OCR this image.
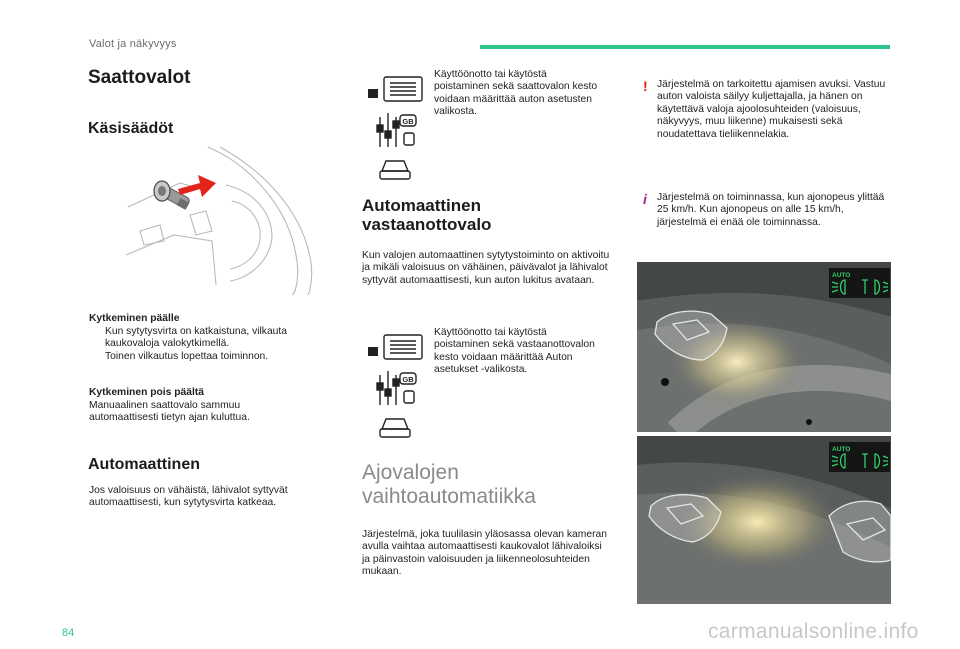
Valot ja näkyvyys
Saattovalot
Käsisäädöt
Kytkeminen päälle
Kun sytytysvirta on katkaistuna, vilkauta kaukovaloja valokytkimellä.
Toinen vilkautus lopettaa toiminnon.
Kytkeminen pois päältä
Manuaalinen saattovalo sammuu automaattisesti tietyn ajan kuluttua.
Automaattinen
Jos valoisuus on vähäistä, lähivalot syttyvät automaattisesti, kun sytytysvirta katkeaa.
GB
Käyttöönotto tai käytöstä poistaminen sekä saattovalon kesto voidaan määrittää auton asetusten valikosta.
Automaattinen
vastaanottovalo
Kun valojen automaattinen sytytystoiminto on aktivoitu ja mikäli valoisuus on vähäinen, päivävalot ja lähivalot syttyvät automaattisesti, kun auton lukitus avataan.
GB
Käyttöönotto tai käytöstä poistaminen sekä vastaanottovalon kesto voidaan määrittää Auton asetukset -valikosta.
Ajovalojen
vaihtoautomatiikka
Järjestelmä, joka tuulilasin yläosassa olevan kameran avulla vaihtaa automaattisesti kaukovalot lähivaloiksi ja päinvastoin valoisuuden ja liikenneolosuhteiden mukaan.
! Järjestelmä on tarkoitettu ajamisen avuksi. Vastuu auton valoista säilyy kuljettajalla, ja hänen on käytettävä valoja ajoolosuhteiden (valoisuus, näkyvyys, muu liikenne) mukaisesti sekä noudatettava tieliikennelakia.
i Järjestelmä on toiminnassa, kun ajonopeus ylittää 25 km/h. Kun ajonopeus on alle 15 km/h, järjestelmä ei enää ole toiminnassa.
AUTO
AUTO
84	carmanualsonline.info
